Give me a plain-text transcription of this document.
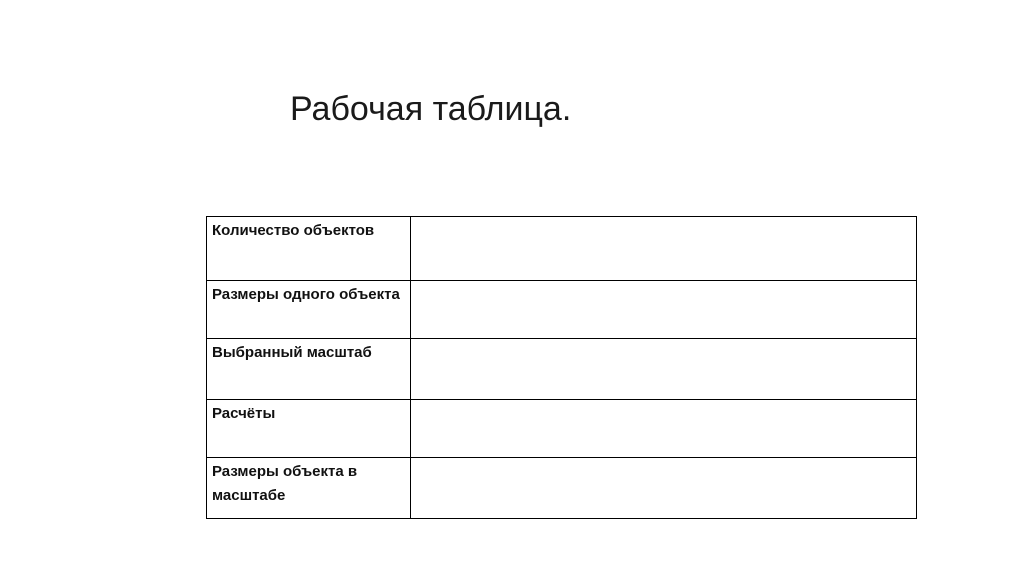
Рабочая таблица.
Количество объектов	
Размеры одного объекта	
Выбранный масштаб	
Расчёты	
Размеры объекта в масштабе	
